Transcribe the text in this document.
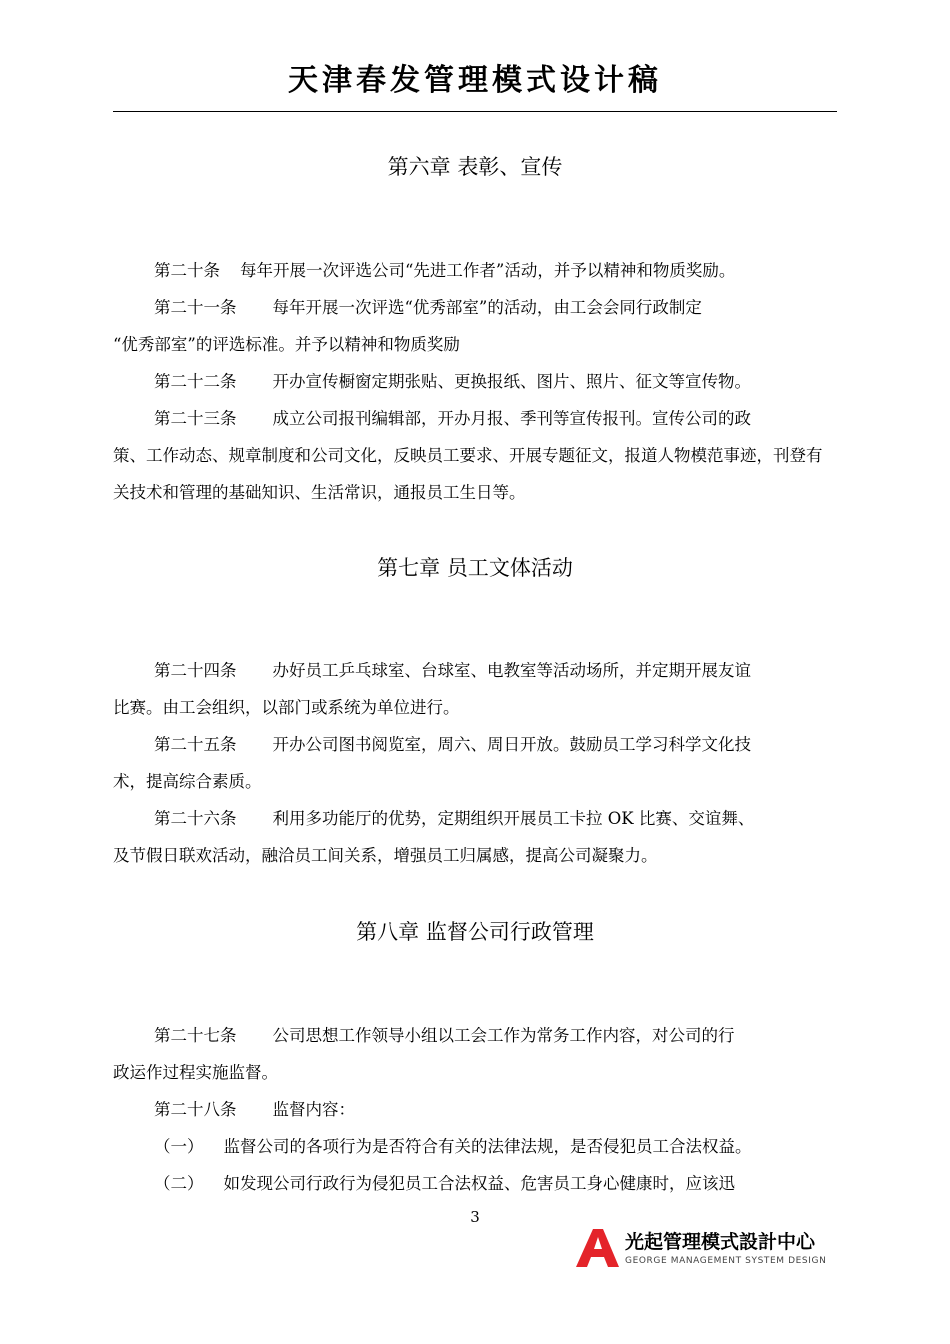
天津春发管理模式设计稿
第六章 表彰、宣传
第二十条 每年开展一次评选公司“先进工作者”活动，并予以精神和物质奖励。
第二十一条 每年开展一次评选“优秀部室”的活动，由工会会同行政制定
“优秀部室”的评选标准。并予以精神和物质奖励
第二十二条 开办宣传橱窗定期张贴、更换报纸、图片、照片、征文等宣传物。
第二十三条 成立公司报刊编辑部，开办月报、季刊等宣传报刊。宣传公司的政
策、工作动态、规章制度和公司文化，反映员工要求、开展专题征文，报道人物模范事迹，刊登有关技术和管理的基础知识、生活常识，通报员工生日等。
第七章 员工文体活动
第二十四条 办好员工乒乓球室、台球室、电教室等活动场所，并定期开展友谊
比赛。由工会组织，以部门或系统为单位进行。
第二十五条 开办公司图书阅览室，周六、周日开放。鼓励员工学习科学文化技
术，提高综合素质。
第二十六条 利用多功能厅的优势，定期组织开展员工卡拉 OK 比赛、交谊舞、
及节假日联欢活动，融洽员工间关系，增强员工归属感，提高公司凝聚力。
第八章 监督公司行政管理
第二十七条 公司思想工作领导小组以工会工作为常务工作内容，对公司的行
政运作过程实施监督。
第二十八条 监督内容：
（一） 监督公司的各项行为是否符合有关的法律法规，是否侵犯员工合法权益。
（二） 如发现公司行政行为侵犯员工合法权益、危害员工身心健康时，应该迅
3
光起管理模式設計中心
GEORGE MANAGEMENT SYSTEM DESIGN
